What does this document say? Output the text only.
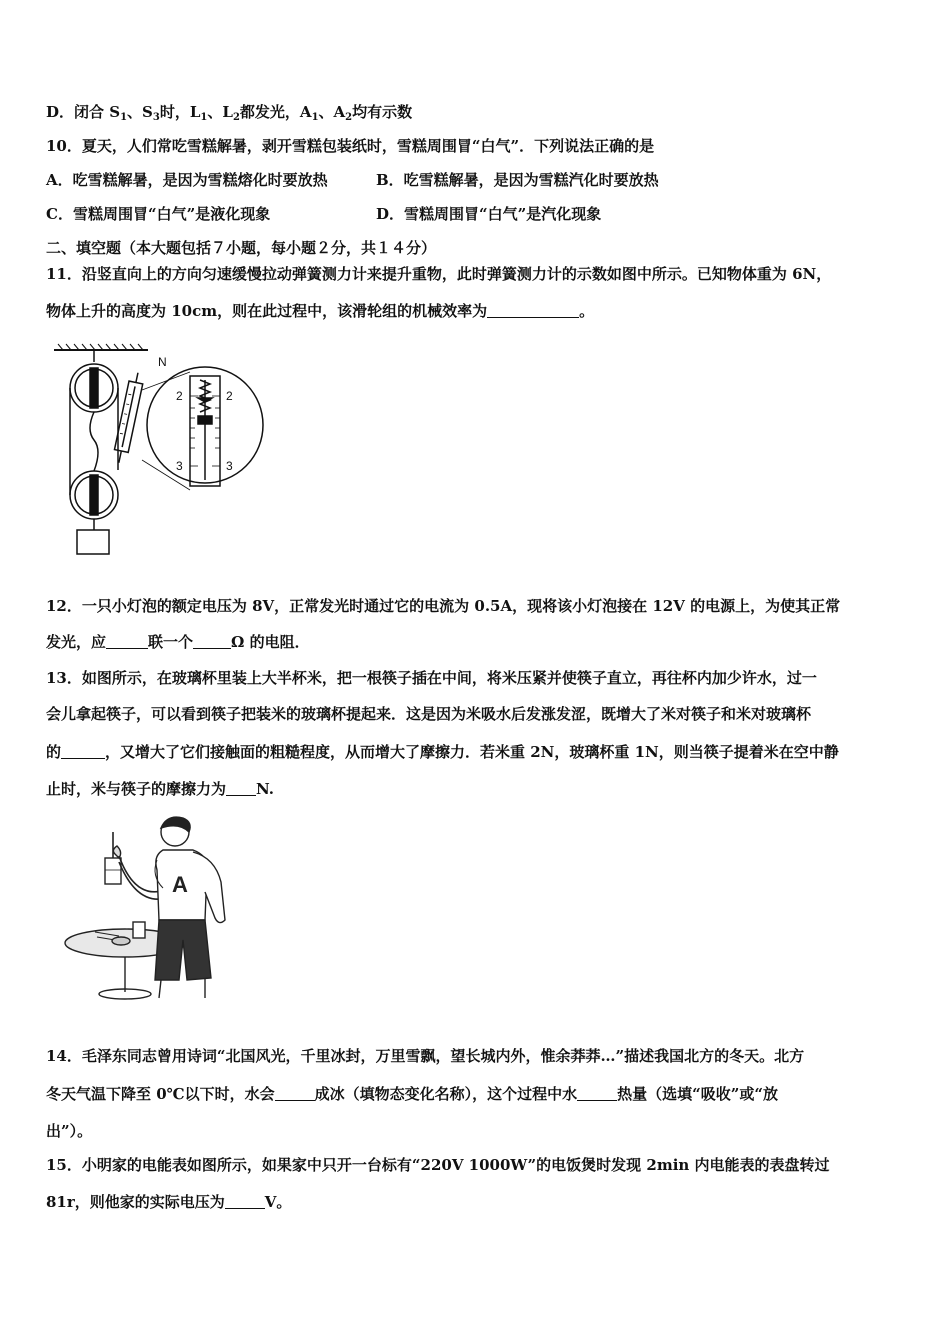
D．闭合 $S_1$、$S_3$时，$L_1$、$L_2$都发光，$A_1$、$A_2$均有示数
10．夏天，人们常吃雪糕解暑，剥开雪糕包装纸时，雪糕周围冒“白气”．下列说法正确的是
A．吃雪糕解暑，是因为雪糕熔化时要放热	B．吃雪糕解暑，是因为雪糕汽化时要放热
C．雪糕周围冒“白气”是液化现象	D．雪糕周围冒“白气”是汽化现象
二、填空题（本大题包括７小题，每小题２分，共１４分）
11．沿竖直向上的方向匀速缓慢拉动弹簧测力计来提升重物，此时弹簧测力计的示数如图中所示。已知物体重为 6N，
物体上升的高度为 10cm，则在此过程中，该滑轮组的机械效率为	。
N
2	2
3	3
12．一只小灯泡的额定电压为 8V，正常发光时通过它的电流为 0.5A，现将该小灯泡接在 12V 的电源上，为使其正常
发光，应	联一个	Ω 的电阻．
13．如图所示，在玻璃杯里装上大半杯米，把一根筷子插在中间，将米压紧并使筷子直立，再往杯内加少许水，过一
会儿拿起筷子，可以看到筷子把装米的玻璃杯提起来．这是因为米吸水后发涨发涩，既增大了米对筷子和米对玻璃杯
的	，又增大了它们接触面的粗糙程度，从而增大了摩擦力．若米重 2N，玻璃杯重 1N，则当筷子提着米在空中静
止时，米与筷子的摩擦力为 N.
A
14．毛泽东同志曾用诗词“北国风光，千里冰封，万里雪飘，望长城内外，惟余莽莽…”描述我国北方的冬天。北方
冬天气温下降至 0℃以下时，水会	成冰（填物态变化名称），这个过程中水	热量（选填“吸收”或“放
出”）。
15．小明家的电能表如图所示，如果家中只开一台标有“220V 1000W”的电饭煲时发现 2min 内电能表的表盘转过
81r，则他家的实际电压为	V。
